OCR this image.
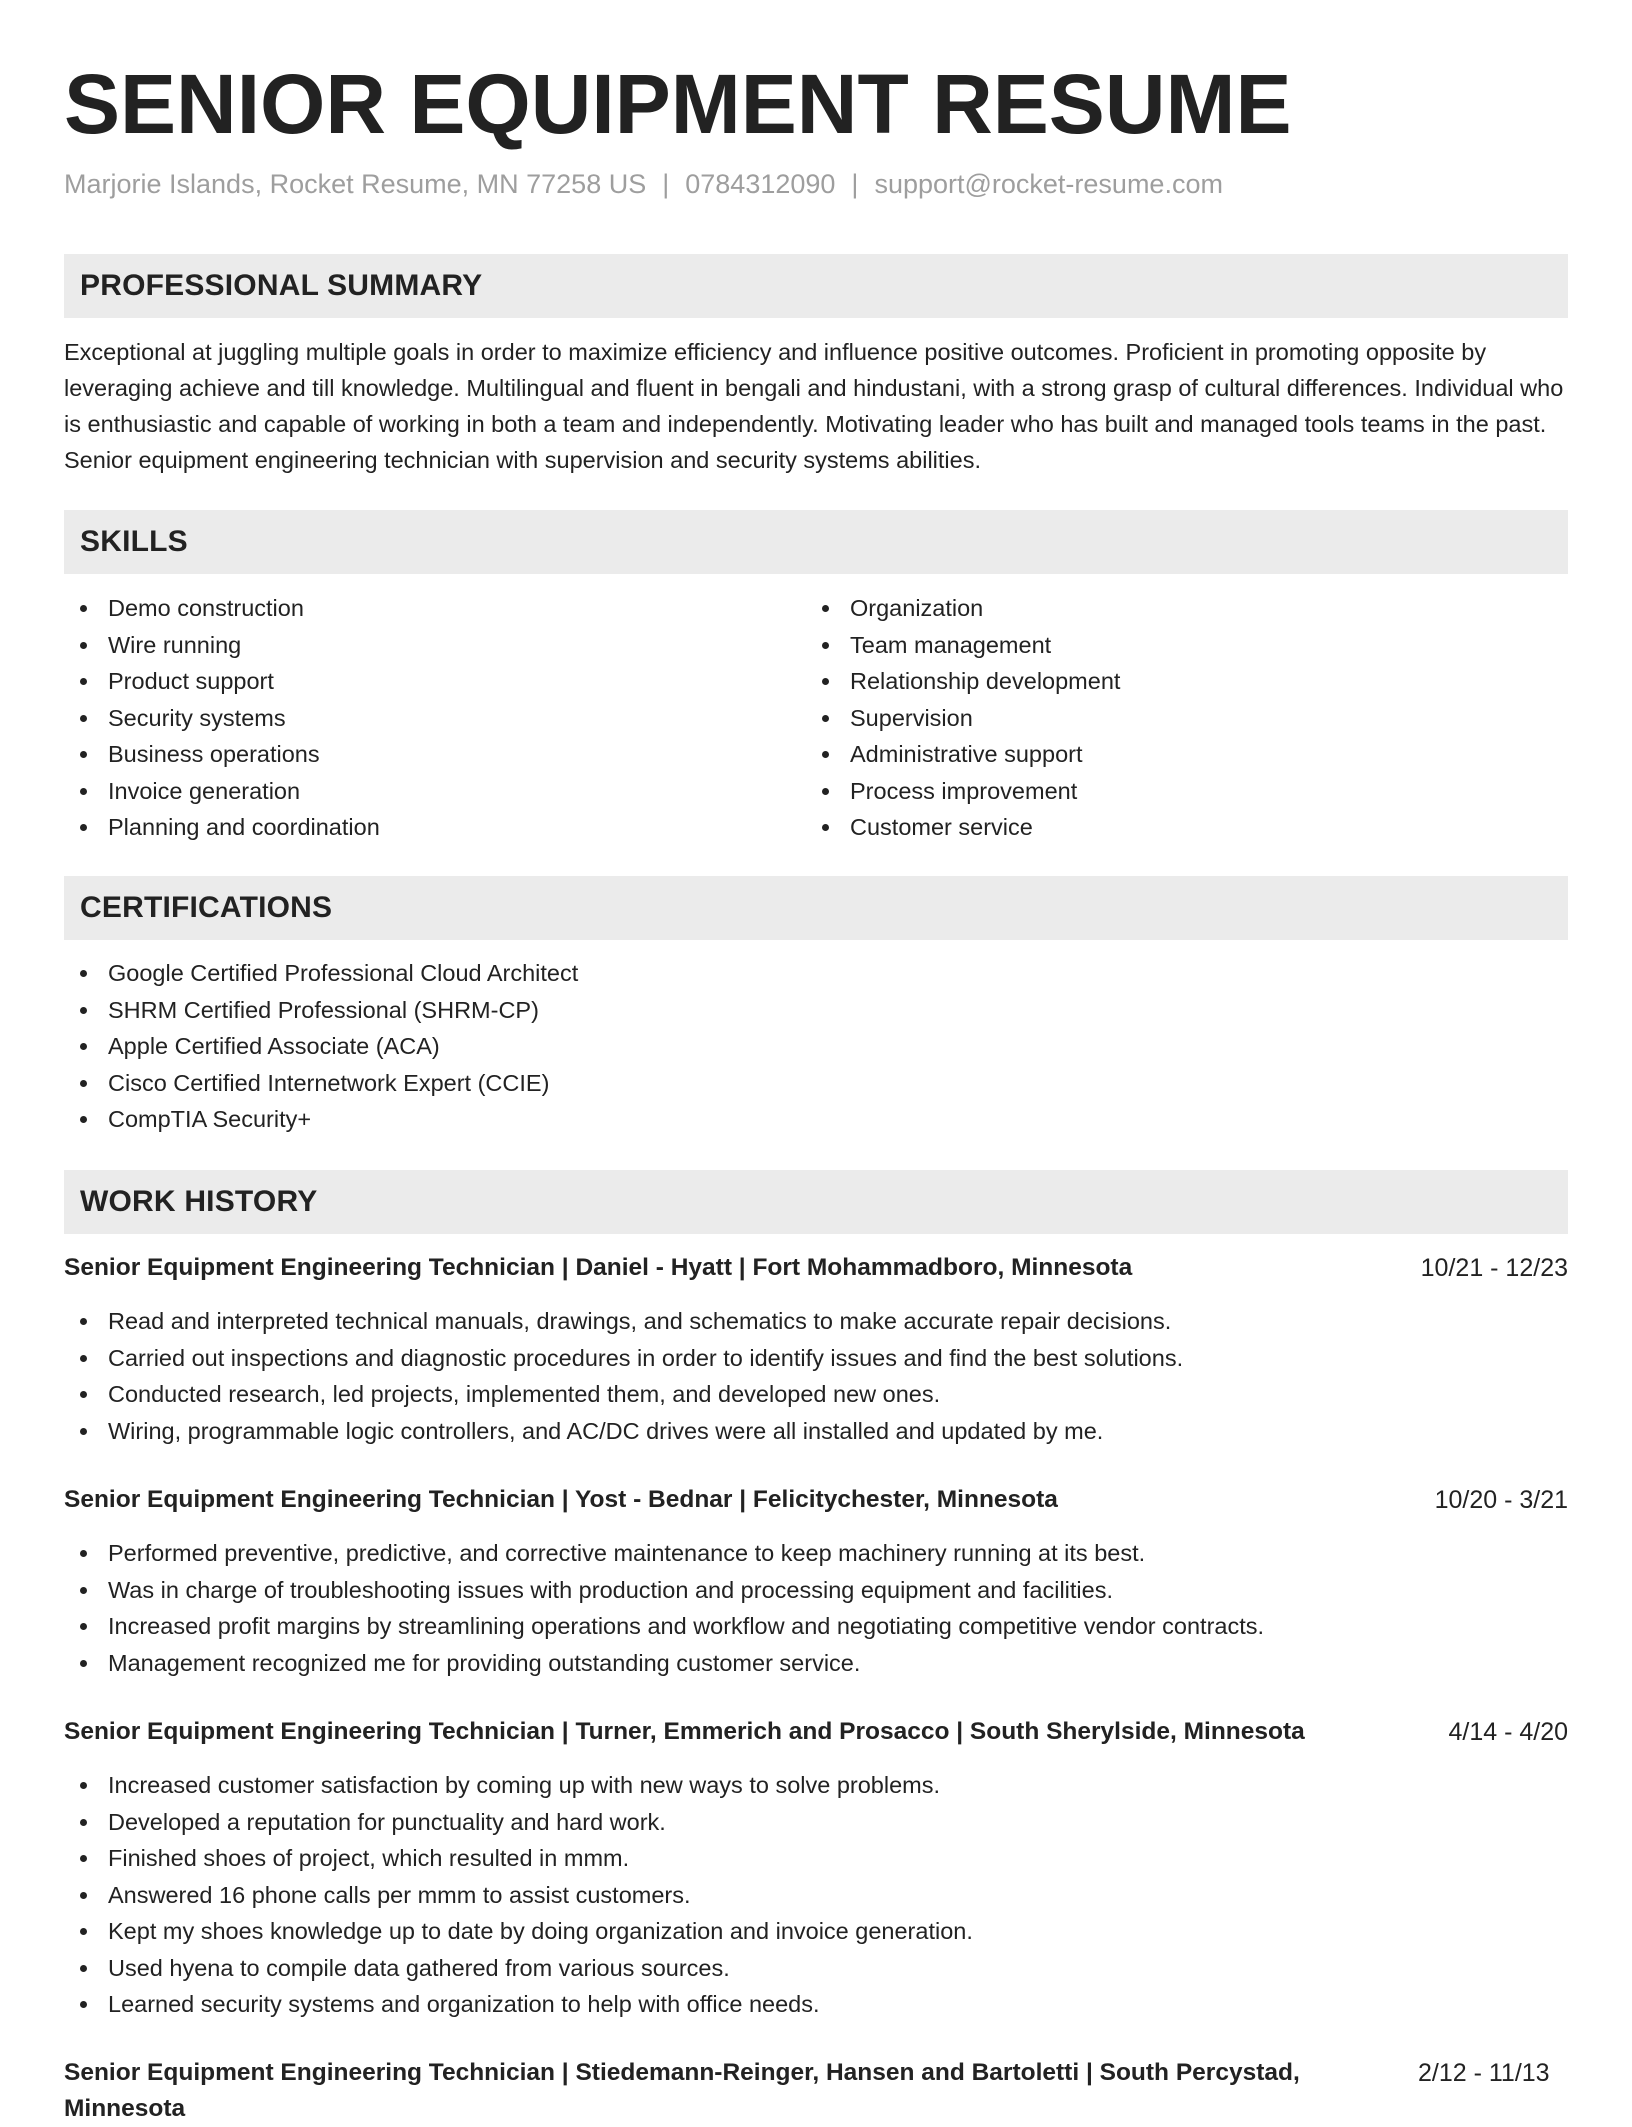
SENIOR EQUIPMENT RESUME
Marjorie Islands, Rocket Resume, MN 77258 US | 0784312090 | support@rocket-resume.com
PROFESSIONAL SUMMARY
Exceptional at juggling multiple goals in order to maximize efficiency and influence positive outcomes. Proficient in promoting opposite by leveraging achieve and till knowledge. Multilingual and fluent in bengali and hindustani, with a strong grasp of cultural differences. Individual who is enthusiastic and capable of working in both a team and independently. Motivating leader who has built and managed tools teams in the past. Senior equipment engineering technician with supervision and security systems abilities.
SKILLS
Demo construction
Wire running
Product support
Security systems
Business operations
Invoice generation
Planning and coordination
Organization
Team management
Relationship development
Supervision
Administrative support
Process improvement
Customer service
CERTIFICATIONS
Google Certified Professional Cloud Architect
SHRM Certified Professional (SHRM-CP)
Apple Certified Associate (ACA)
Cisco Certified Internetwork Expert (CCIE)
CompTIA Security+
WORK HISTORY
Senior Equipment Engineering Technician | Daniel - Hyatt | Fort Mohammadboro, Minnesota	10/21 - 12/23
Read and interpreted technical manuals, drawings, and schematics to make accurate repair decisions.
Carried out inspections and diagnostic procedures in order to identify issues and find the best solutions.
Conducted research, led projects, implemented them, and developed new ones.
Wiring, programmable logic controllers, and AC/DC drives were all installed and updated by me.
Senior Equipment Engineering Technician | Yost - Bednar | Felicitychester, Minnesota	10/20 - 3/21
Performed preventive, predictive, and corrective maintenance to keep machinery running at its best.
Was in charge of troubleshooting issues with production and processing equipment and facilities.
Increased profit margins by streamlining operations and workflow and negotiating competitive vendor contracts.
Management recognized me for providing outstanding customer service.
Senior Equipment Engineering Technician | Turner, Emmerich and Prosacco | South Sherylside, Minnesota	4/14 - 4/20
Increased customer satisfaction by coming up with new ways to solve problems.
Developed a reputation for punctuality and hard work.
Finished shoes of project, which resulted in mmm.
Answered 16 phone calls per mmm to assist customers.
Kept my shoes knowledge up to date by doing organization and invoice generation.
Used hyena to compile data gathered from various sources.
Learned security systems and organization to help with office needs.
Senior Equipment Engineering Technician | Stiedemann-Reinger, Hansen and Bartoletti | South Percystad, Minnesota
2/12 - 11/13
